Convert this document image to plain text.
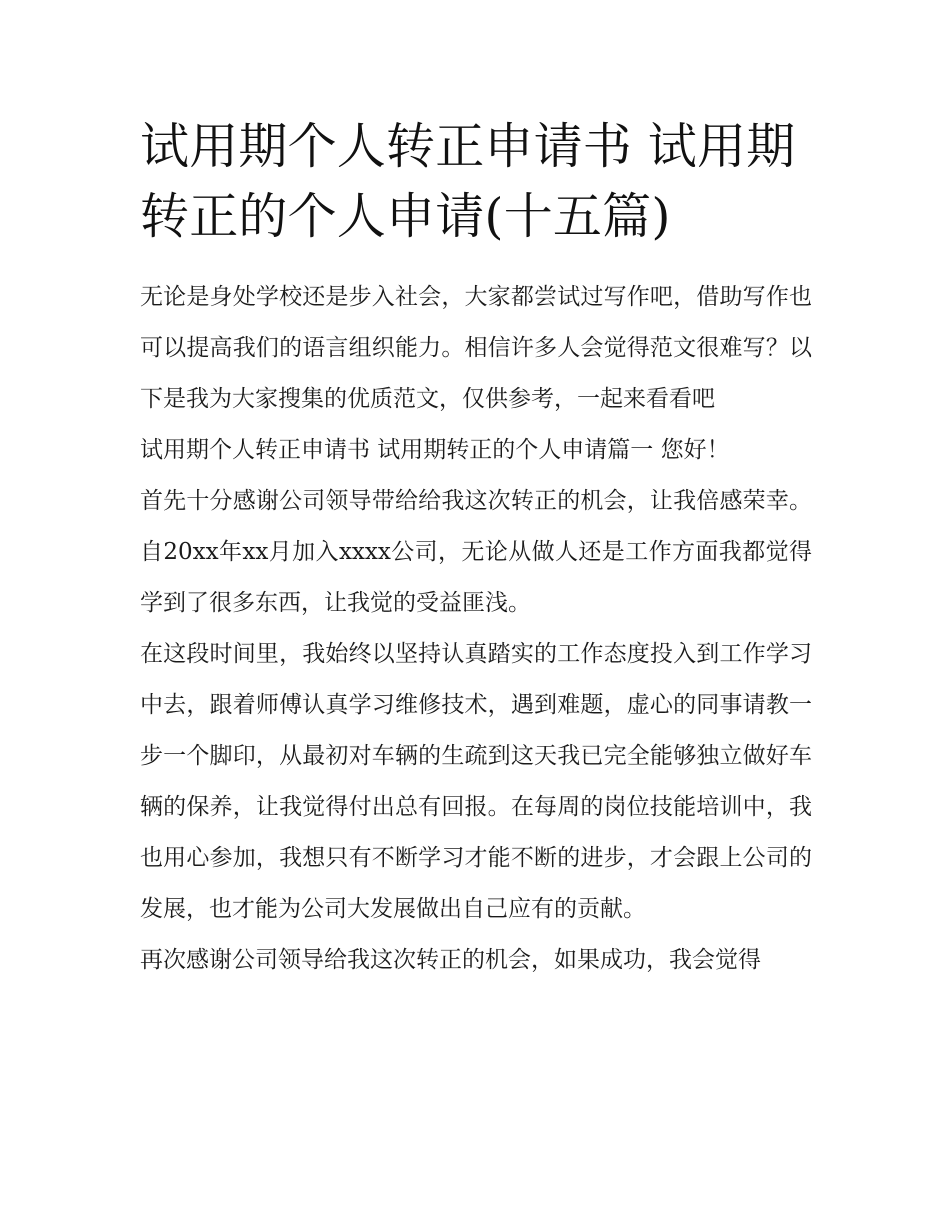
试用期个人转正申请书 试用期转正的个人申请(十五篇)

无论是身处学校还是步入社会，大家都尝试过写作吧，借助写作也可以提高我们的语言组织能力。相信许多人会觉得范文很难写？以下是我为大家搜集的优质范文，仅供参考，一起来看看吧

试用期个人转正申请书 试用期转正的个人申请篇一 您好！

首先十分感谢公司领导带给给我这次转正的机会，让我倍感荣幸。自20xx年xx月加入xxxx公司，无论从做人还是工作方面我都觉得学到了很多东西，让我觉的受益匪浅。

在这段时间里，我始终以坚持认真踏实的工作态度投入到工作学习中去，跟着师傅认真学习维修技术，遇到难题，虚心的同事请教一步一个脚印，从最初对车辆的生疏到这天我已完全能够独立做好车辆的保养，让我觉得付出总有回报。在每周的岗位技能培训中，我也用心参加，我想只有不断学习才能不断的进步，才会跟上公司的发展，也才能为公司大发展做出自己应有的贡献。

再次感谢公司领导给我这次转正的机会，如果成功，我会觉得
